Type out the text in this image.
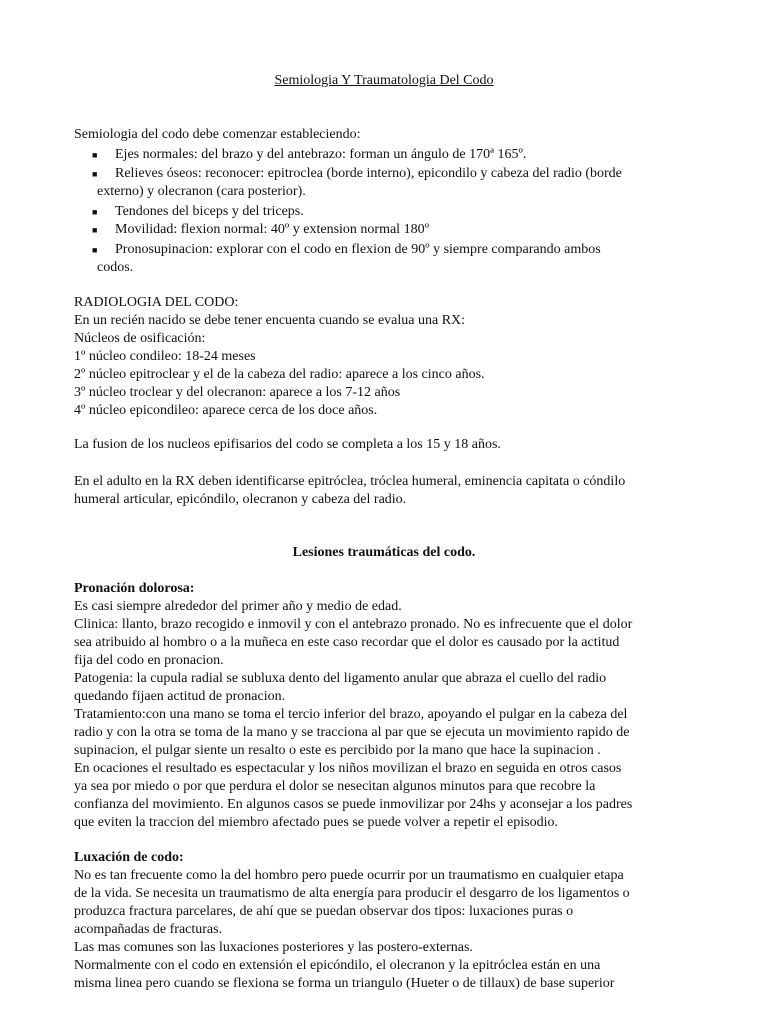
Semiologia Y Traumatologia Del Codo
Semiologia del codo debe comenzar estableciendo:
■ Ejes normales: del brazo y del antebrazo: forman un ángulo de 170ª 165º.
■ Relieves óseos: reconocer: epitroclea (borde interno), epicondilo y cabeza del radio (borde
externo) y olecranon (cara posterior).
■ Tendones del biceps y del triceps.
■ Movilidad: flexion normal: 40º y extension normal 180º
■ Pronosupinacion: explorar con el codo en flexion de 90º y siempre comparando ambos
codos.
RADIOLOGIA DEL CODO:
En un recién nacido se debe tener encuenta cuando se evalua una RX:
Núcleos de osificación:
1º núcleo condileo: 18-24 meses
2º núcleo epitroclear y el de la cabeza del radio: aparece a los cinco años.
3º núcleo troclear y del olecranon: aparece a los 7-12 años
4º núcleo epicondileo: aparece cerca de los doce años.
La fusion de los nucleos epifisarios del codo se completa a los 15 y 18 años.
En el adulto en la RX deben identificarse epitróclea, tróclea humeral, eminencia capitata o cóndilo
humeral articular, epicóndilo, olecranon y cabeza del radio.
Lesiones traumáticas del codo.
Pronación dolorosa:
Es casi siempre alrededor del primer año y medio de edad.
Clinica: llanto, brazo recogido e inmovil y con el antebrazo pronado. No es infrecuente que el dolor
sea atribuido al hombro o a la muñeca en este caso recordar que el dolor es causado por la actitud
fija del codo en pronacion.
Patogenia: la cupula radial se subluxa dento del ligamento anular que abraza el cuello del radio
quedando fijaen actitud de pronacion.
Tratamiento:con una mano se toma el tercio inferior del brazo, apoyando el pulgar en la cabeza del
radio y con la otra se toma de la mano y se tracciona al par que se ejecuta un movimiento rapido de
supinacion, el pulgar siente un resalto o este es percibido por la mano que hace la supinacion .
En ocaciones el resultado es espectacular y los niños movilizan el brazo en seguida en otros casos
ya sea por miedo o por que perdura el dolor se nesecitan algunos minutos para que recobre la
confianza del movimiento. En algunos casos se puede inmovilizar por 24hs y aconsejar a los padres
que eviten la traccion del miembro afectado pues se puede volver a repetir el episodio.
Luxación de codo:
No es tan frecuente como la del hombro pero puede ocurrir por un traumatismo en cualquier etapa
de la vida. Se necesita un traumatismo de alta energía para producir el desgarro de los ligamentos o
produzca fractura parcelares, de ahí que se puedan observar dos tipos: luxaciones puras o
acompañadas de fracturas.
Las mas comunes son las luxaciones posteriores y las postero-externas.
Normalmente con el codo en extensión el epicóndilo, el olecranon y la epitróclea están en una
misma linea pero cuando se flexiona se forma un triangulo (Hueter o de tillaux) de base superior
